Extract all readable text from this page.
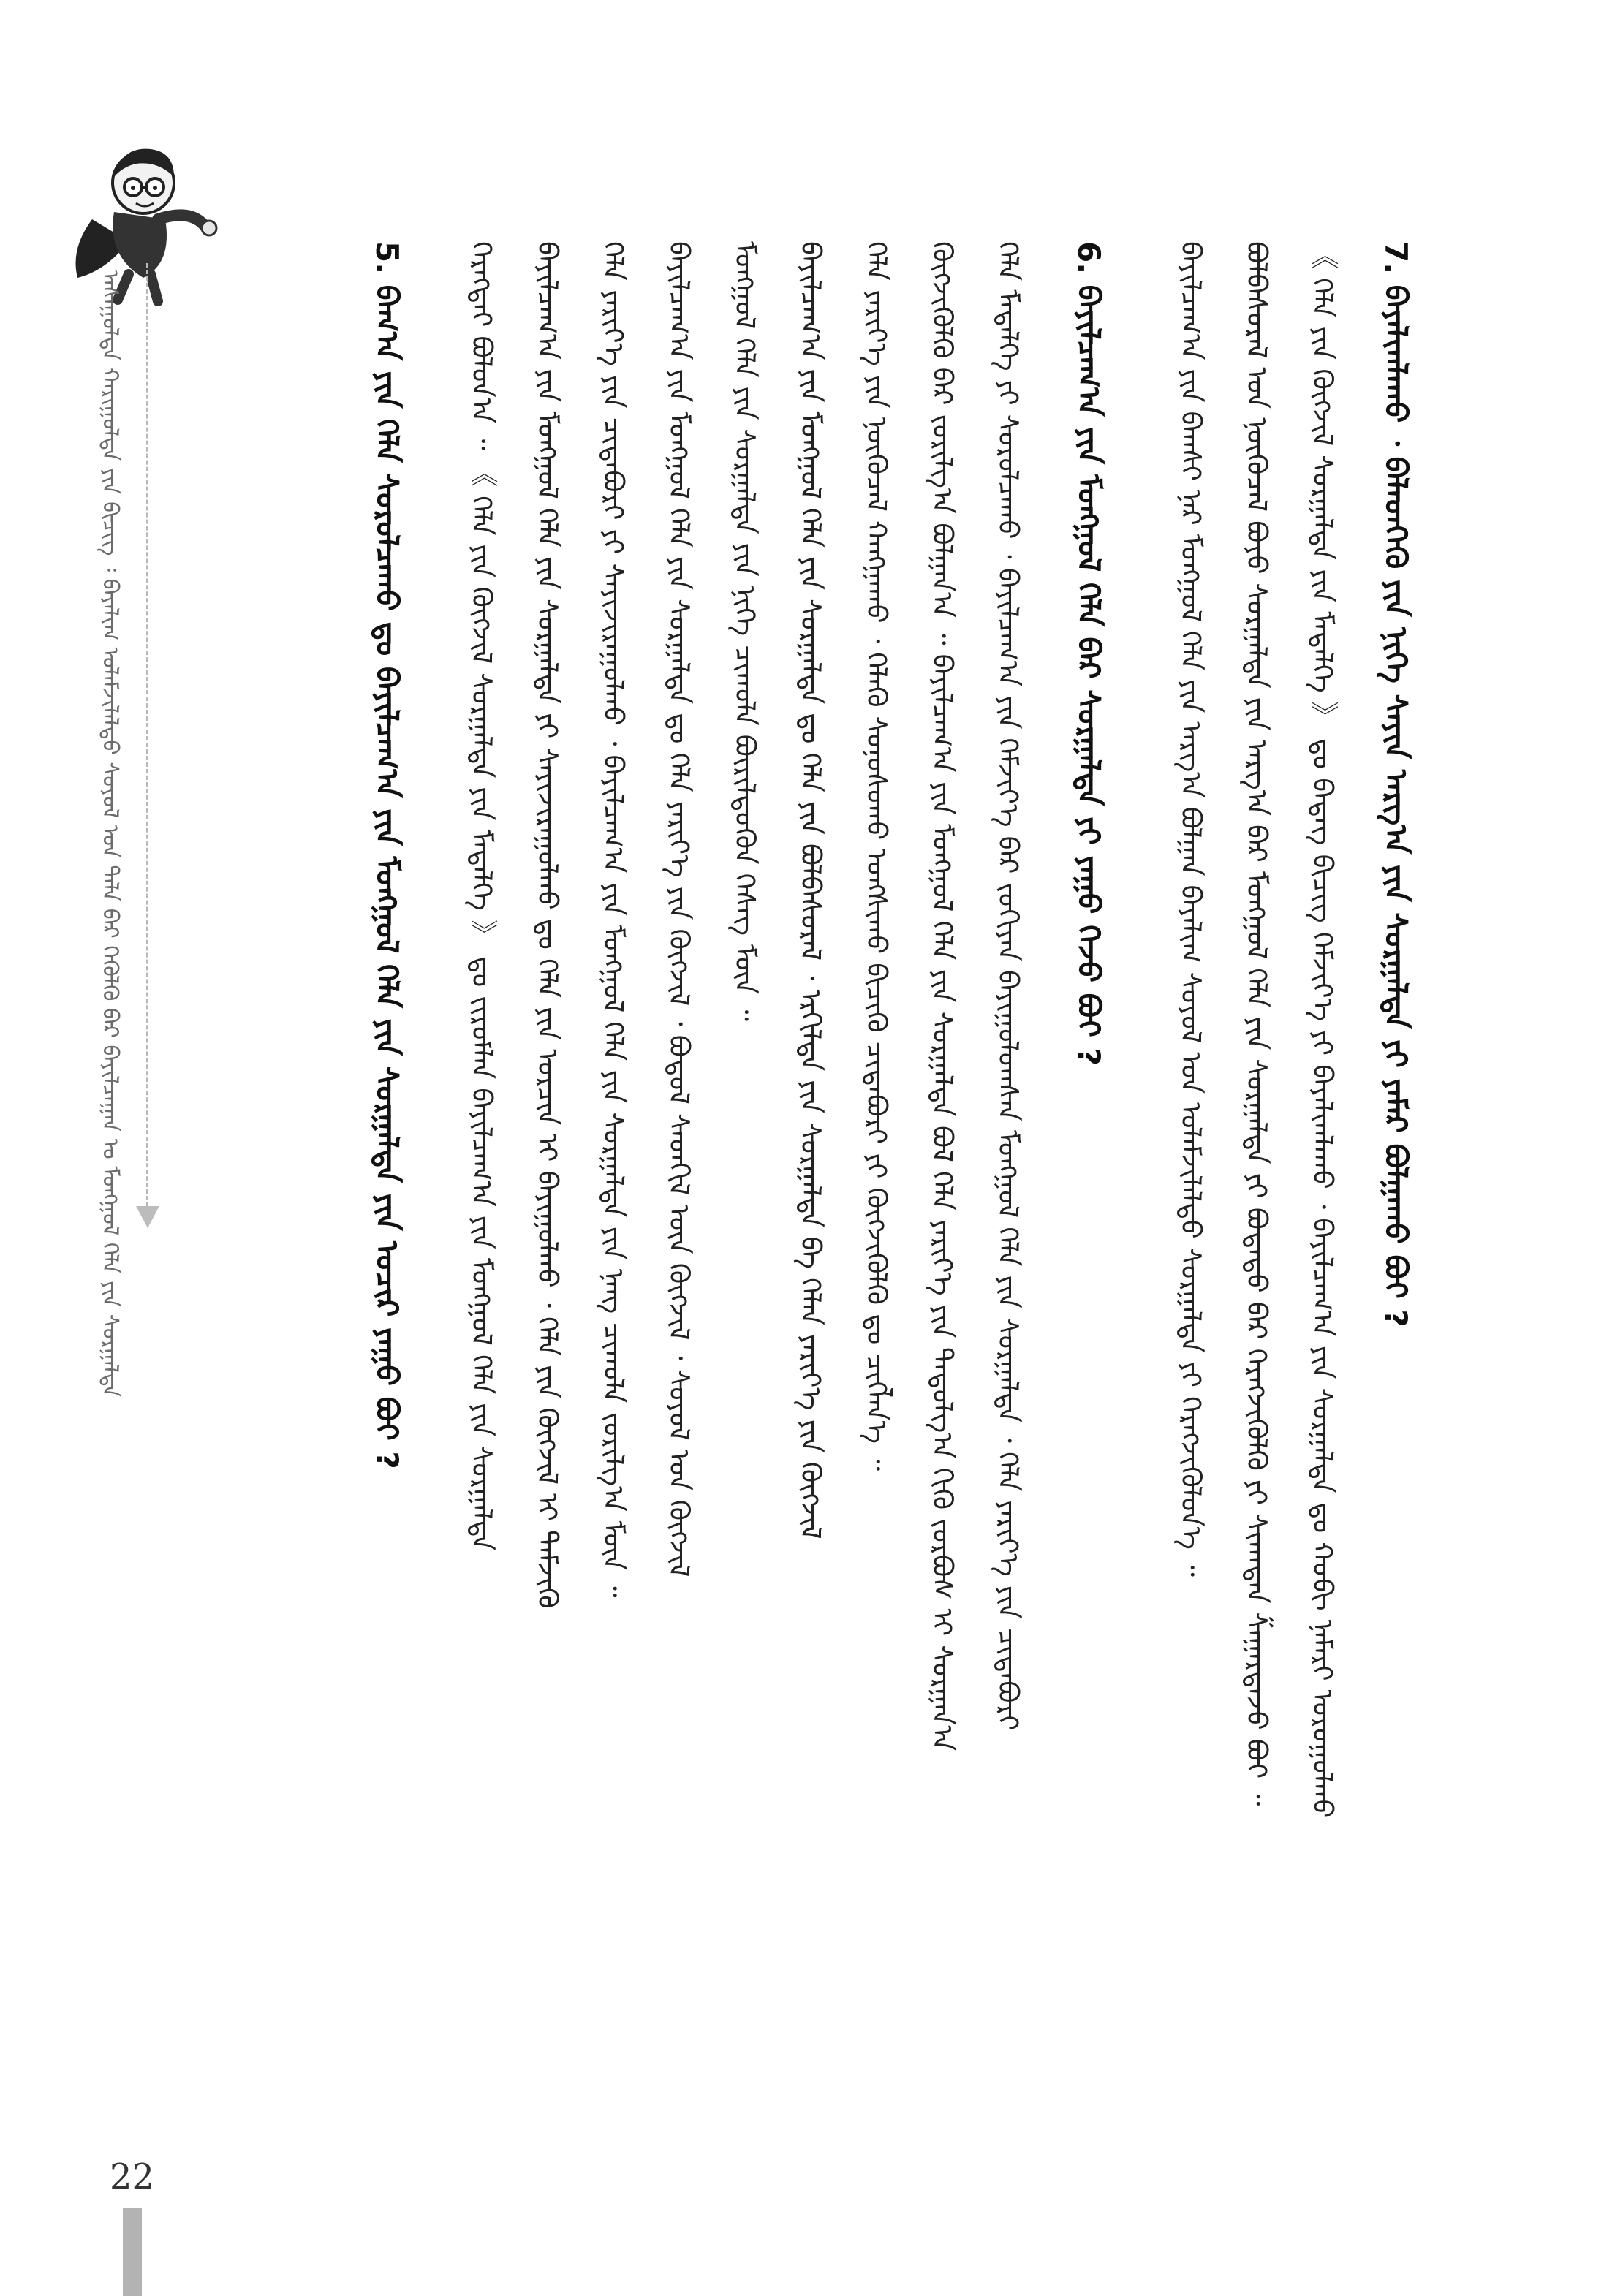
ᠠᠰᠠᠭᠤᠯᠲᠠ ᠬᠠᠷᠢᠭᠤᠯᠲᠠ ᠶᠢᠨ ᠪᠢᠴᠢᠭ᠌ ᠄ ᠪᠠᠶᠠᠯᠢᠭ ᠤᠯᠠᠮᠵᠢᠯᠠᠯᠲᠤ ᠰᠣᠶᠣᠯ ᠤᠨ ᠲᠠᠯᠠ ᠪᠠᠷ ᠬᠡᠭᠦᠯᠬᠦ ᠪᠠᠷ ᠪᠠᠶᠢᠯᠴᠠᠭᠠᠨ ᠤ ᠮᠣᠩᠭᠣᠯ ᠬᠡᠯᠡ ᠶᠢᠨ ᠰᠤᠷᠭᠠᠯᠲᠠ	7. ᠪᠠᠶᠠᠯᠢᠭᠯᠠᠬᠤ ᠂ ᠪᠡᠯᠡᠳᠬᠡᠬᠦ ᠶᠢᠨ ᠨᠢᠭᠡ ᠰᠠᠶᠢᠨ ᠠᠷᠭ᠎ᠠ ᠶᠢᠨ ᠰᠤᠷᠭᠠᠯᠲᠠ ᠶᠢ ᠶᠠᠮᠠᠷ ᠪᠣᠯᠭᠠᠬᠤ ᠪᠤᠢ ?
《 ᠬᠡᠯᠡ ᠶᠢᠨ ᠬᠥᠭᠵᠢᠯ ᠰᠤᠷᠭᠠᠯᠲᠠ ᠶᠢᠨ ᠮᠡᠳᠡᠯᠭᠡ 》 ᠳᠤ ᠪᠡᠳᠡᠭ ᠪᠢᠴᠢᠭ᠌ ᠬᠡᠮᠵᠢᠶ᠎ᠡ ᠶᠢ ᠪᠠᠶᠠᠯᠢᠭᠯᠠᠬᠤ ᠂ ᠪᠠᠶᠢᠯᠴᠠᠭ᠎ᠠ ᠶᠢᠨ ᠰᠤᠷᠭᠠᠯᠲᠠ ᠳᠤ ᠬᠤᠪᠢ ᠨᠡᠮᠡᠷᠢ ᠣᠷᠤᠭᠤᠯᠬᠤ
ᠪᠣᠯᠪᠠᠰᠤᠷᠠᠯ ᠤᠨ ᠨᠥᠬᠦᠴᠡᠯ ᠪᠤᠶᠤ ᠰᠤᠷᠭᠠᠯᠲᠠ ᠶᠢᠨ ᠠᠷᠭ᠎ᠠ ᠪᠠᠷ ᠮᠣᠩᠭᠣᠯ ᠬᠡᠯᠡ ᠶᠢᠨ ᠰᠤᠷᠭᠠᠯᠲᠠ ᠶᠢ ᠪᠣᠳᠠᠲᠤ ᠪᠡᠷ ᠬᠡᠷᠡᠭᠵᠢᠭᠦᠯᠬᠦ ᠶᠢ ᠰᠢᠬᠠᠳᠠᠨ ᠱᠠᠭᠠᠷᠳᠠᠵᠤ ᠪᠣᠢ ᠃
ᠪᠠᠶᠢᠯᠴᠠᠭ᠎ᠠ ᠶᠢᠨ ᠪᠠᠭᠰᠢ ᠨᠠᠷ ᠮᠣᠩᠭᠣᠯ ᠬᠡᠯᠡ ᠶᠢᠨ ᠠᠷᠭ᠎ᠠ ᠪᠣᠯᠭᠠᠨ ᠪᠠᠶᠠᠯᠢᠭ ᠰᠣᠶᠣᠯ ᠤᠨ ᠤᠯᠠᠮᠵᠢᠯᠠᠯᠲᠤ ᠰᠤᠷᠭᠠᠯᠲᠠ ᠶᠢ ᠬᠡᠷᠡᠭᠵᠢᠭᠦᠯᠦᠨ᠎ᠡ ᠃
6. ᠪᠠᠶᠢᠯᠴᠠᠭ᠎ᠠ ᠶᠢᠨ ᠮᠣᠩᠭᠣᠯ ᠬᠡᠯᠡ ᠪᠡᠷ ᠰᠤᠷᠭᠠᠯᠲᠠ ᠶᠢ ᠶᠠᠭᠤ ᠭᠡᠵᠦ ᠪᠤᠢ ?
ᠬᠡᠯᠡ ᠮᠡᠳᠡᠯᠭᠡ ᠶᠢ ᠰᠤᠷᠤᠯᠴᠠᠬᠤ ᠂ ᠪᠠᠶᠢᠯᠴᠠᠭ᠎ᠠ ᠶᠢᠨ ᠬᠡᠮᠵᠢᠶ᠎ᠡ ᠪᠠᠷ ᠵᠣᠬᠢᠶᠠᠨ ᠪᠠᠶᠢᠭᠤᠯᠤᠭᠰᠠᠨ ᠮᠣᠩᠭᠣᠯ ᠬᠡᠯᠡ ᠶᠢᠨ ᠰᠤᠷᠭᠠᠯᠲᠠ ᠂ ᠬᠡᠯᠡ ᠶᠡᠷᠢᠶ᠎ᠡ ᠶᠢᠨ ᠴᠢᠳᠠᠪᠤᠷᠢ
ᠬᠥᠭᠵᠢᠭᠦᠯᠬᠦ ᠪᠡᠷ ᠵᠣᠷᠢᠯᠭ᠎ᠠ ᠪᠣᠯᠭᠠᠨ᠎ᠠ ᠃ ᠪᠠᠶᠢᠯᠴᠠᠭ᠎ᠠ ᠶᠢᠨ ᠮᠣᠩᠭᠣᠯ ᠬᠡᠯᠡ ᠶᠢᠨ ᠰᠤᠷᠭᠠᠯᠲᠠ ᠪᠣᠯ ᠬᠡᠯᠡ ᠶᠡᠷᠢᠶ᠎ᠡ ᠶᠢᠨ ᠳᠠᠳᠤᠯᠭ᠎ᠠ ᠬᠢᠬᠦ ᠵᠤᠷᠪᠤᠰ ᠢ ᠰᠤᠷᠭᠠᠨ᠎ᠠ
ᠬᠡᠯᠡ ᠶᠡᠷᠢᠶ᠎ᠡ ᠶᠢᠨ ᠨᠥᠬᠦᠴᠡᠯ ᠬᠠᠩᠭᠠᠬᠤ ᠂ ᠬᠡᠯᠡᠬᠦ ᠰᠣᠨᠤᠰᠤᠬᠤ ᠤᠩᠰᠢᠬᠤ ᠪᠢᠴᠢᠬᠦ ᠴᠢᠳᠠᠪᠤᠷᠢ ᠶᠢ ᠬᠥᠭᠵᠢᠭᠦᠯᠬᠦ ᠳᠤ ᠴᠢᠭᠯᠡᠨ᠎ᠡ ᠃
ᠪᠠᠶᠢᠯᠴᠠᠭ᠎ᠠ ᠶᠢᠨ ᠮᠣᠩᠭᠣᠯ ᠬᠡᠯᠡ ᠶᠢᠨ ᠰᠤᠷᠭᠠᠯᠲᠠ ᠳᠤ ᠬᠡᠯᠡ ᠶᠢᠨ ᠪᠣᠯᠪᠠᠰᠤᠷᠠᠯ ᠂ ᠡᠷᠭᠢᠯᠲᠡ ᠶᠢᠨ ᠰᠤᠷᠭᠠᠯᠲᠠ ᠪᠠ ᠬᠡᠯᠡᠨ ᠶᠡᠷᠢᠶ᠎ᠡ ᠶᠢᠨ ᠬᠥᠭᠵᠢᠯ
ᠮᠣᠩᠭᠣᠯ ᠬᠡᠯᠡ ᠶᠢᠨ ᠰᠤᠷᠭᠠᠯᠲᠠ ᠶᠢᠨ ᠨᠢᠭᠡ ᠴᠢᠬᠤᠯᠠ ᠪᠦᠷᠢᠯᠳᠦᠬᠦᠨ ᠬᠡᠰᠡᠭ ᠮᠥᠨ ᠃
ᠪᠠᠶᠢᠯᠴᠠᠭ᠎ᠠ ᠶᠢᠨ ᠮᠣᠩᠭᠣᠯ ᠬᠡᠯᠡ ᠶᠢᠨ ᠰᠤᠷᠭᠠᠯᠲᠠ ᠳᠤ ᠬᠡᠯᠡ ᠶᠡᠷᠢᠶ᠎ᠡ ᠶᠢᠨ ᠬᠥᠭᠵᠢᠯ ᠂ ᠪᠣᠳᠣᠯ ᠰᠡᠳᠬᠢᠯ ᠦᠨ ᠬᠥᠭᠵᠢᠯ ᠂ ᠰᠣᠶᠣᠯ ᠤᠨ ᠬᠥᠭᠵᠢᠯ
ᠬᠡᠯᠡ ᠶᠡᠷᠢᠶ᠎ᠡ ᠶᠢᠨ ᠴᠢᠳᠠᠪᠤᠷᠢ ᠶᠢ ᠰᠠᠶᠢᠵᠢᠷᠠᠭᠤᠯᠬᠤ ᠂ ᠪᠠᠶᠢᠯᠴᠠᠭ᠎ᠠ ᠶᠢᠨ ᠮᠣᠩᠭᠣᠯ ᠬᠡᠯᠡ ᠶᠢᠨ ᠰᠤᠷᠭᠠᠯᠲᠠ ᠶᠢᠨ ᠨᠡᠩ ᠴᠢᠬᠤᠯᠠ ᠵᠣᠷᠢᠯᠭ᠎ᠠ ᠮᠥᠨ ᠃
ᠪᠠᠶᠢᠯᠴᠠᠭ᠎ᠠ ᠶᠢᠨ ᠮᠣᠩᠭᠣᠯ ᠬᠡᠯᠡ ᠶᠢᠨ ᠰᠤᠷᠭᠠᠯᠲᠠ ᠶᠢ ᠰᠠᠶᠢᠵᠢᠷᠠᠭᠤᠯᠬᠤ ᠳᠤ ᠬᠡᠯᠡ ᠶᠢᠨ ᠣᠷᠴᠢᠨ ᠢ ᠪᠠᠶᠢᠭᠤᠯᠬᠤ ᠂ ᠬᠡᠯᠡ ᠶᠢᠨ ᠬᠥᠭᠵᠢᠯ ᠢ ᠳᠡᠮᠵᠢᠬᠦ
ᠬᠡᠷᠡᠭᠲᠡᠢ ᠪᠣᠯᠤᠨ᠎ᠠ ᠃ 《 ᠬᠡᠯᠡ ᠶᠢᠨ ᠬᠥᠭᠵᠢᠯ ᠰᠤᠷᠭᠠᠯᠲᠠ ᠶᠢᠨ ᠮᠡᠳᠡᠯᠭᠡ 》 ᠳᠤ ᠵᠢᠷᠤᠮᠯᠠᠨ ᠪᠠᠶᠢᠯᠴᠠᠭ᠎ᠠ ᠶᠢᠨ ᠮᠣᠩᠭᠣᠯ ᠬᠡᠯᠡ ᠶᠢᠨ ᠰᠤᠷᠭᠠᠯᠲᠠ
5. ᠪᠠᠭ᠎ᠠ ᠶᠢᠨ ᠬᠡᠯᠡ ᠰᠤᠷᠤᠯᠴᠠᠬᠤ ᠳᠤ ᠪᠠᠶᠢᠯᠴᠠᠭ᠎ᠠ ᠶᠢᠨ ᠮᠣᠩᠭᠣᠯ ᠬᠡᠯᠡ ᠶᠢᠨ ᠰᠤᠷᠭᠠᠯᠲᠠ ᠶᠢᠨ ᠤᠴᠢᠷ ᠶᠠᠭᠤ ᠪᠤᠢ ?
22
